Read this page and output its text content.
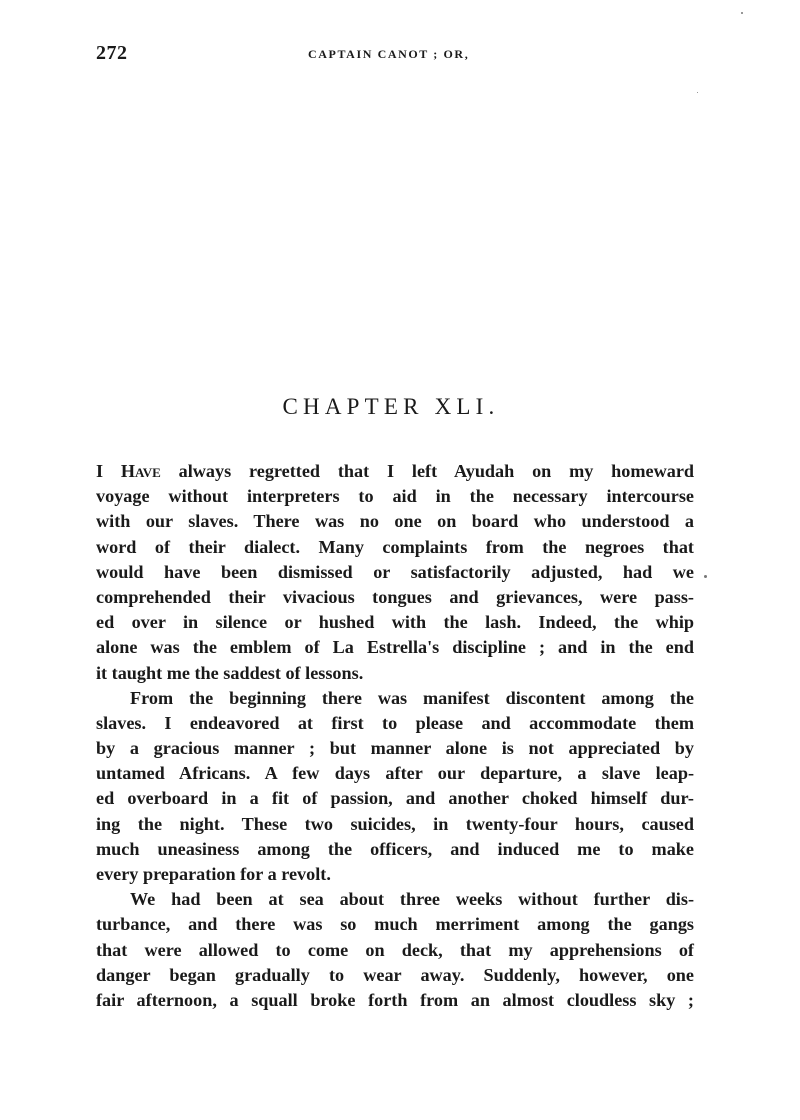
272	CAPTAIN CANOT ; OR,
CHAPTER XLI.
I Have always regretted that I left Ayudah on my homeward
voyage without interpreters to aid in the necessary intercourse
with our slaves. There was no one on board who understood a
word of their dialect. Many complaints from the negroes that
would have been dismissed or satisfactorily adjusted, had we
comprehended their vivacious tongues and grievances, were pass-
ed over in silence or hushed with the lash. Indeed, the whip
alone was the emblem of La Estrella's discipline ; and in the end
it taught me the saddest of lessons.
From the beginning there was manifest discontent among the
slaves. I endeavored at first to please and accommodate them
by a gracious manner ; but manner alone is not appreciated by
untamed Africans. A few days after our departure, a slave leap-
ed overboard in a fit of passion, and another choked himself dur-
ing the night. These two suicides, in twenty-four hours, caused
much uneasiness among the officers, and induced me to make
every preparation for a revolt.
We had been at sea about three weeks without further dis-
turbance, and there was so much merriment among the gangs
that were allowed to come on deck, that my apprehensions of
danger began gradually to wear away. Suddenly, however, one
fair afternoon, a squall broke forth from an almost cloudless sky ;
